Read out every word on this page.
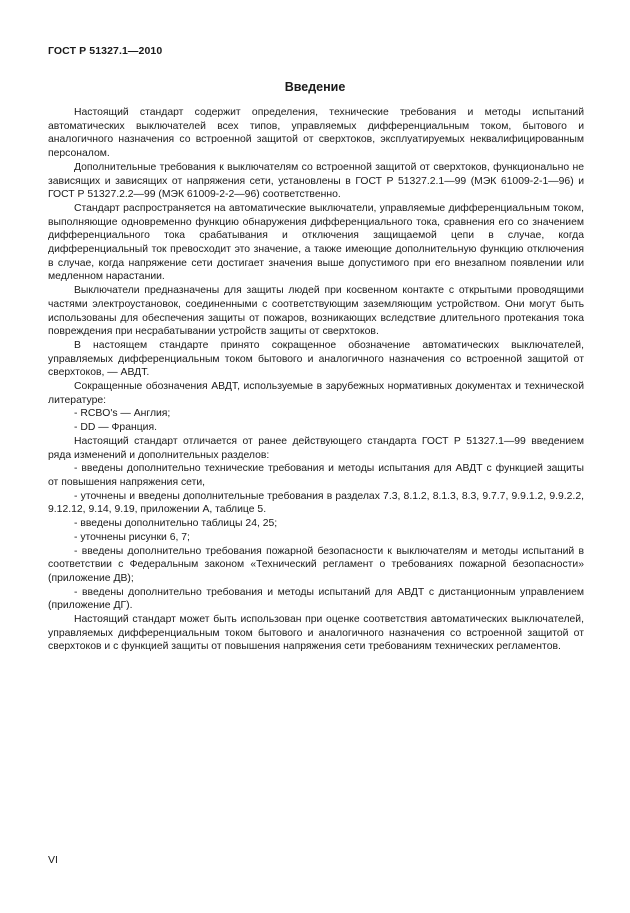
ГОСТ Р 51327.1—2010
Введение

Настоящий стандарт содержит определения, технические требования и методы испытаний автоматических выключателей всех типов, управляемых дифференциальным током, бытового и аналогичного назначения со встроенной защитой от сверхтоков, эксплуатируемых неквалифицированным персоналом.

Дополнительные требования к выключателям со встроенной защитой от сверхтоков, функционально не зависящих и зависящих от напряжения сети, установлены в ГОСТ Р 51327.2.1—99 (МЭК 61009-2-1—96) и ГОСТ Р 51327.2.2—99 (МЭК 61009-2-2—96) соответственно.

Стандарт распространяется на автоматические выключатели, управляемые дифференциальным током, выполняющие одновременно функцию обнаружения дифференциального тока, сравнения его со значением дифференциального тока срабатывания и отключения защищаемой цепи в случае, когда дифференциальный ток превосходит это значение, а также имеющие дополнительную функцию отключения в случае, когда напряжение сети достигает значения выше допустимого при его внезапном появлении или медленном нарастании.

Выключатели предназначены для защиты людей при косвенном контакте с открытыми проводящими частями электроустановок, соединенными с соответствующим заземляющим устройством. Они могут быть использованы для обеспечения защиты от пожаров, возникающих вследствие длительного протекания тока повреждения при несрабатывании устройств защиты от сверхтоков.

В настоящем стандарте принято сокращенное обозначение автоматических выключателей, управляемых дифференциальным током бытового и аналогичного назначения со встроенной защитой от сверхтоков, — АВДТ.

Сокращенные обозначения АВДТ, используемые в зарубежных нормативных документах и технической литературе:

- RCBO's — Англия;

- DD — Франция.

Настоящий стандарт отличается от ранее действующего стандарта ГОСТ Р 51327.1—99 введением ряда изменений и дополнительных разделов:

- введены дополнительно технические требования и методы испытания для АВДТ с функцией защиты от повышения напряжения сети,

- уточнены и введены дополнительные требования в разделах 7.3, 8.1.2, 8.1.3, 8.3, 9.7.7, 9.9.1.2, 9.9.2.2, 9.12.12, 9.14, 9.19, приложении А, таблице 5.

- введены дополнительно таблицы 24, 25;

- уточнены рисунки 6, 7;

- введены дополнительно требования пожарной безопасности к выключателям и методы испытаний в соответствии с Федеральным законом «Технический регламент о требованиях пожарной безопасности» (приложение ДВ);

- введены дополнительно требования и методы испытаний для АВДТ с дистанционным управлением (приложение ДГ).

Настоящий стандарт может быть использован при оценке соответствия автоматических выключателей, управляемых дифференциальным током бытового и аналогичного назначения со встроенной защитой от сверхтоков и с функцией защиты от повышения напряжения сети требованиям технических регламентов.

VI
